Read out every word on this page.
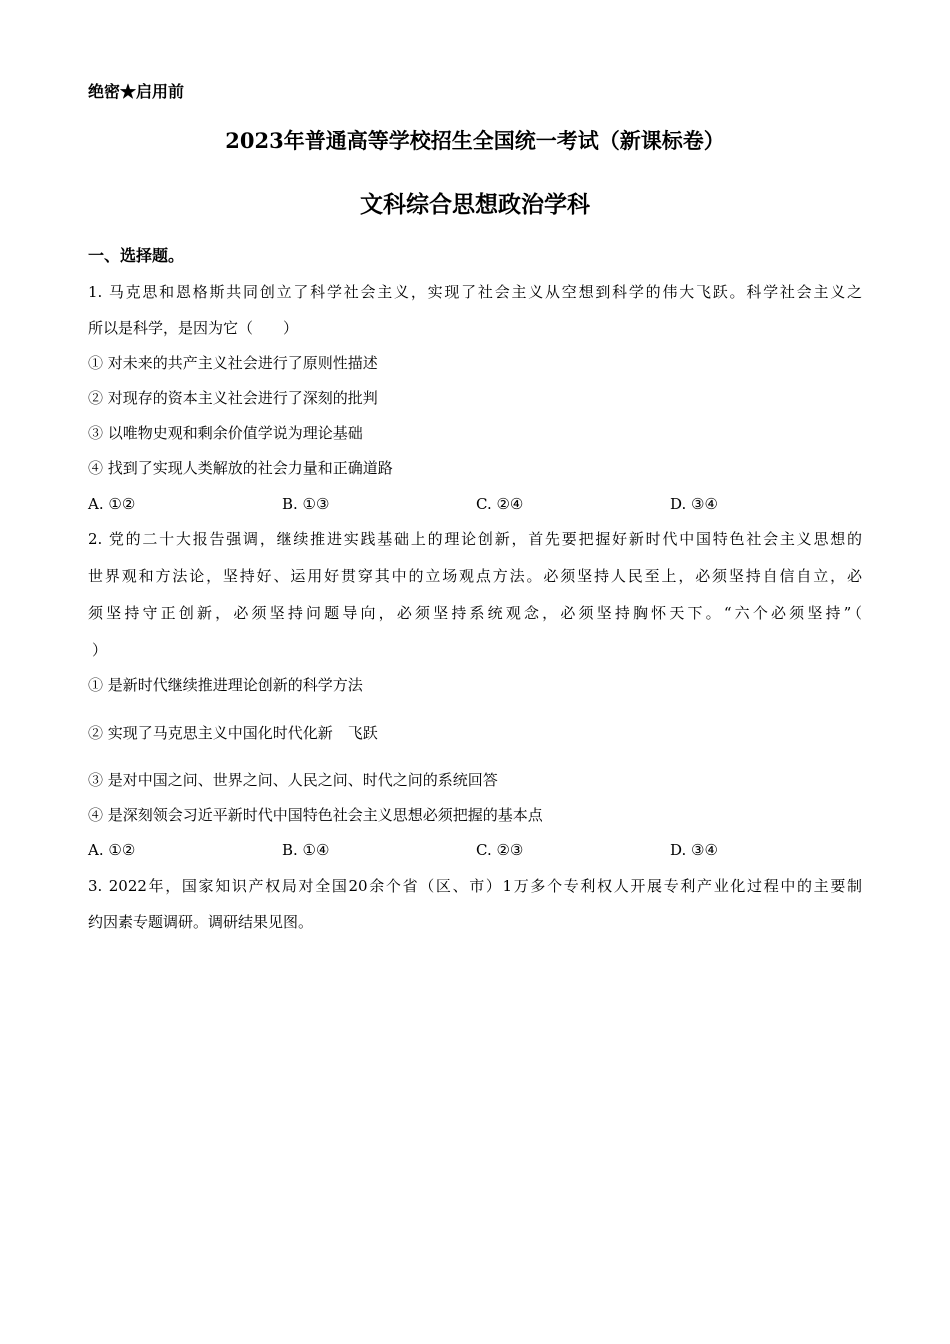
绝密★启用前
2023年普通高等学校招生全国统一考试（新课标卷）
文科综合思想政治学科
一、选择题。
1. 马克思和恩格斯共同创立了科学社会主义，实现了社会主义从空想到科学的伟大飞跃。科学社会主义之
所以是科学，是因为它（　　）
① 对未来的共产主义社会进行了原则性描述
② 对现存的资本主义社会进行了深刻的批判
③ 以唯物史观和剩余价值学说为理论基础
④ 找到了实现人类解放的社会力量和正确道路
A. ①②	B. ①③	C. ②④	D. ③④
2. 党的二十大报告强调，继续推进实践基础上的理论创新，首先要把握好新时代中国特色社会主义思想的
世界观和方法论，坚持好、运用好贯穿其中的立场观点方法。必须坚持人民至上，必须坚持自信自立，必
须坚持守正创新，必须坚持问题导向，必须坚持系统观念，必须坚持胸怀天下。“六个必须坚持”（
）
① 是新时代继续推进理论创新的科学方法
② 实现了马克思主义中国化时代化新　飞跃
③ 是对中国之问、世界之问、人民之问、时代之问的系统回答
④ 是深刻领会习近平新时代中国特色社会主义思想必须把握的基本点
A. ①②	B. ①④	C. ②③	D. ③④
3. 2022年，国家知识产权局对全国20余个省（区、市）1万多个专利权人开展专利产业化过程中的主要制
约因素专题调研。调研结果见图。
